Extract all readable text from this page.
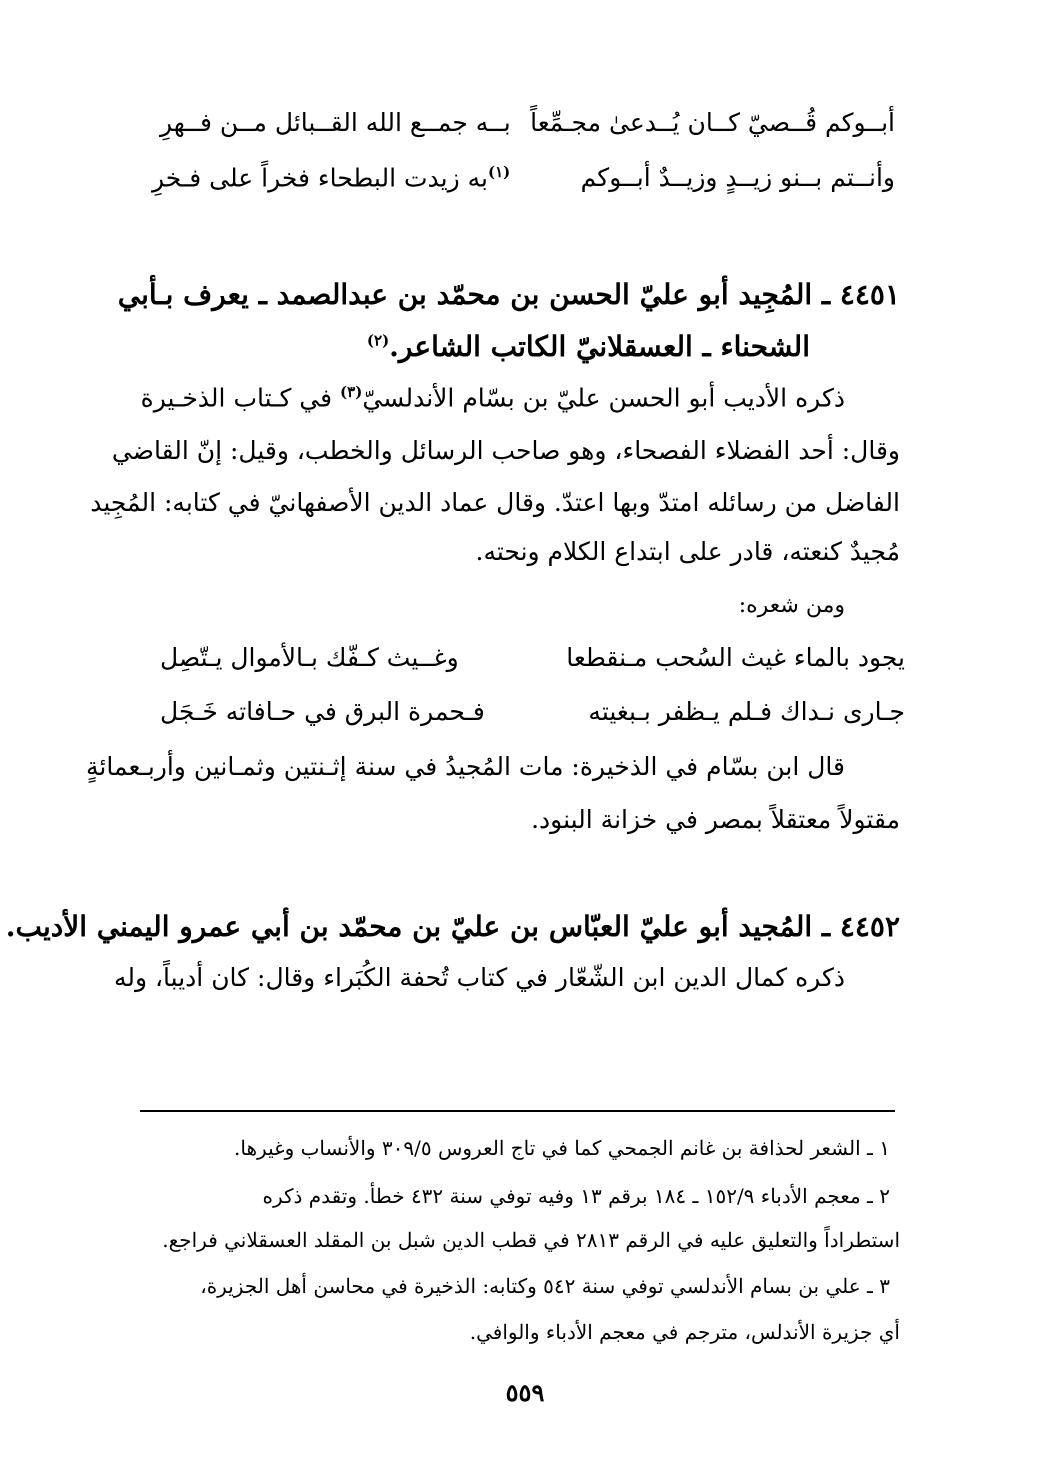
أبــوكم قُــصيّ كــان يُــدعىٰ مجـمِّعاً
بــه جمــع الله القــبائل مــن فــهرِ
وأنــتم بــنو زيــدٍ وزيــدٌ أبــوكم
$^{(١)}$به زيدت البطحاء فخراً على فـخرِ
٤٤٥١ ـ المُجِيد أبو عليّ الحسن بن محمّد بن عبدالصمد ـ يعرف بـأبي
الشحناء ـ العسقلانيّ الكاتب الشاعر.$^{(٢)}$
ذكره الأديب أبو الحسن عليّ بن بسّام الأندلسيّ$^{(٣)}$ في كـتاب الذخـيرة
وقال: أحد الفضلاء الفصحاء، وهو صاحب الرسائل والخطب، وقيل: إنّ القاضي
الفاضل من رسائله امتدّ وبها اعتدّ. وقال عماد الدين الأصفهانيّ في كتابه: المُجِيد
مُجيدٌ كنعته، قادر على ابتداع الكلام ونحته.
ومن شعره:
يجود بالماء غيث السُحب مـنقطعا
وغــيث كـفّك بـالأموال يـتّصِل
جـارى نـداك فـلم يـظفر بـبغيته
فـحمرة البرق في حـافاته خَـجَل
قال ابن بسّام في الذخيرة: مات المُجيدُ في سنة إثـنتين وثمـانين وأربـعمائةٍ
مقتولاً معتقلاً بمصر في خزانة البنود.
٤٤٥٢ ـ المُجيد أبو عليّ العبّاس بن عليّ بن محمّد بن أبي عمرو اليمني الأديب.
ذكره كمال الدين ابن الشّعّار في كتاب تُحفة الكُبَراء وقال: كان أديباً، وله
١ ـ الشعر لحذافة بن غانم الجمحي كما في تاج العروس ٣٠٩/٥ والأنساب وغيرها.
٢ ـ معجم الأدباء ١٥٢/٩ ـ ١٨٤ برقم ١٣ وفيه توفي سنة ٤٣٢ خطأ. وتقدم ذكره
استطراداً والتعليق عليه في الرقم ٢٨١٣ في قطب الدين شبل بن المقلد العسقلاني فراجع.
٣ ـ علي بن بسام الأندلسي توفي سنة ٥٤٢ وكتابه: الذخيرة في محاسن أهل الجزيرة،
أي جزيرة الأندلس، مترجم في معجم الأدباء والوافي.
٥٥٩
